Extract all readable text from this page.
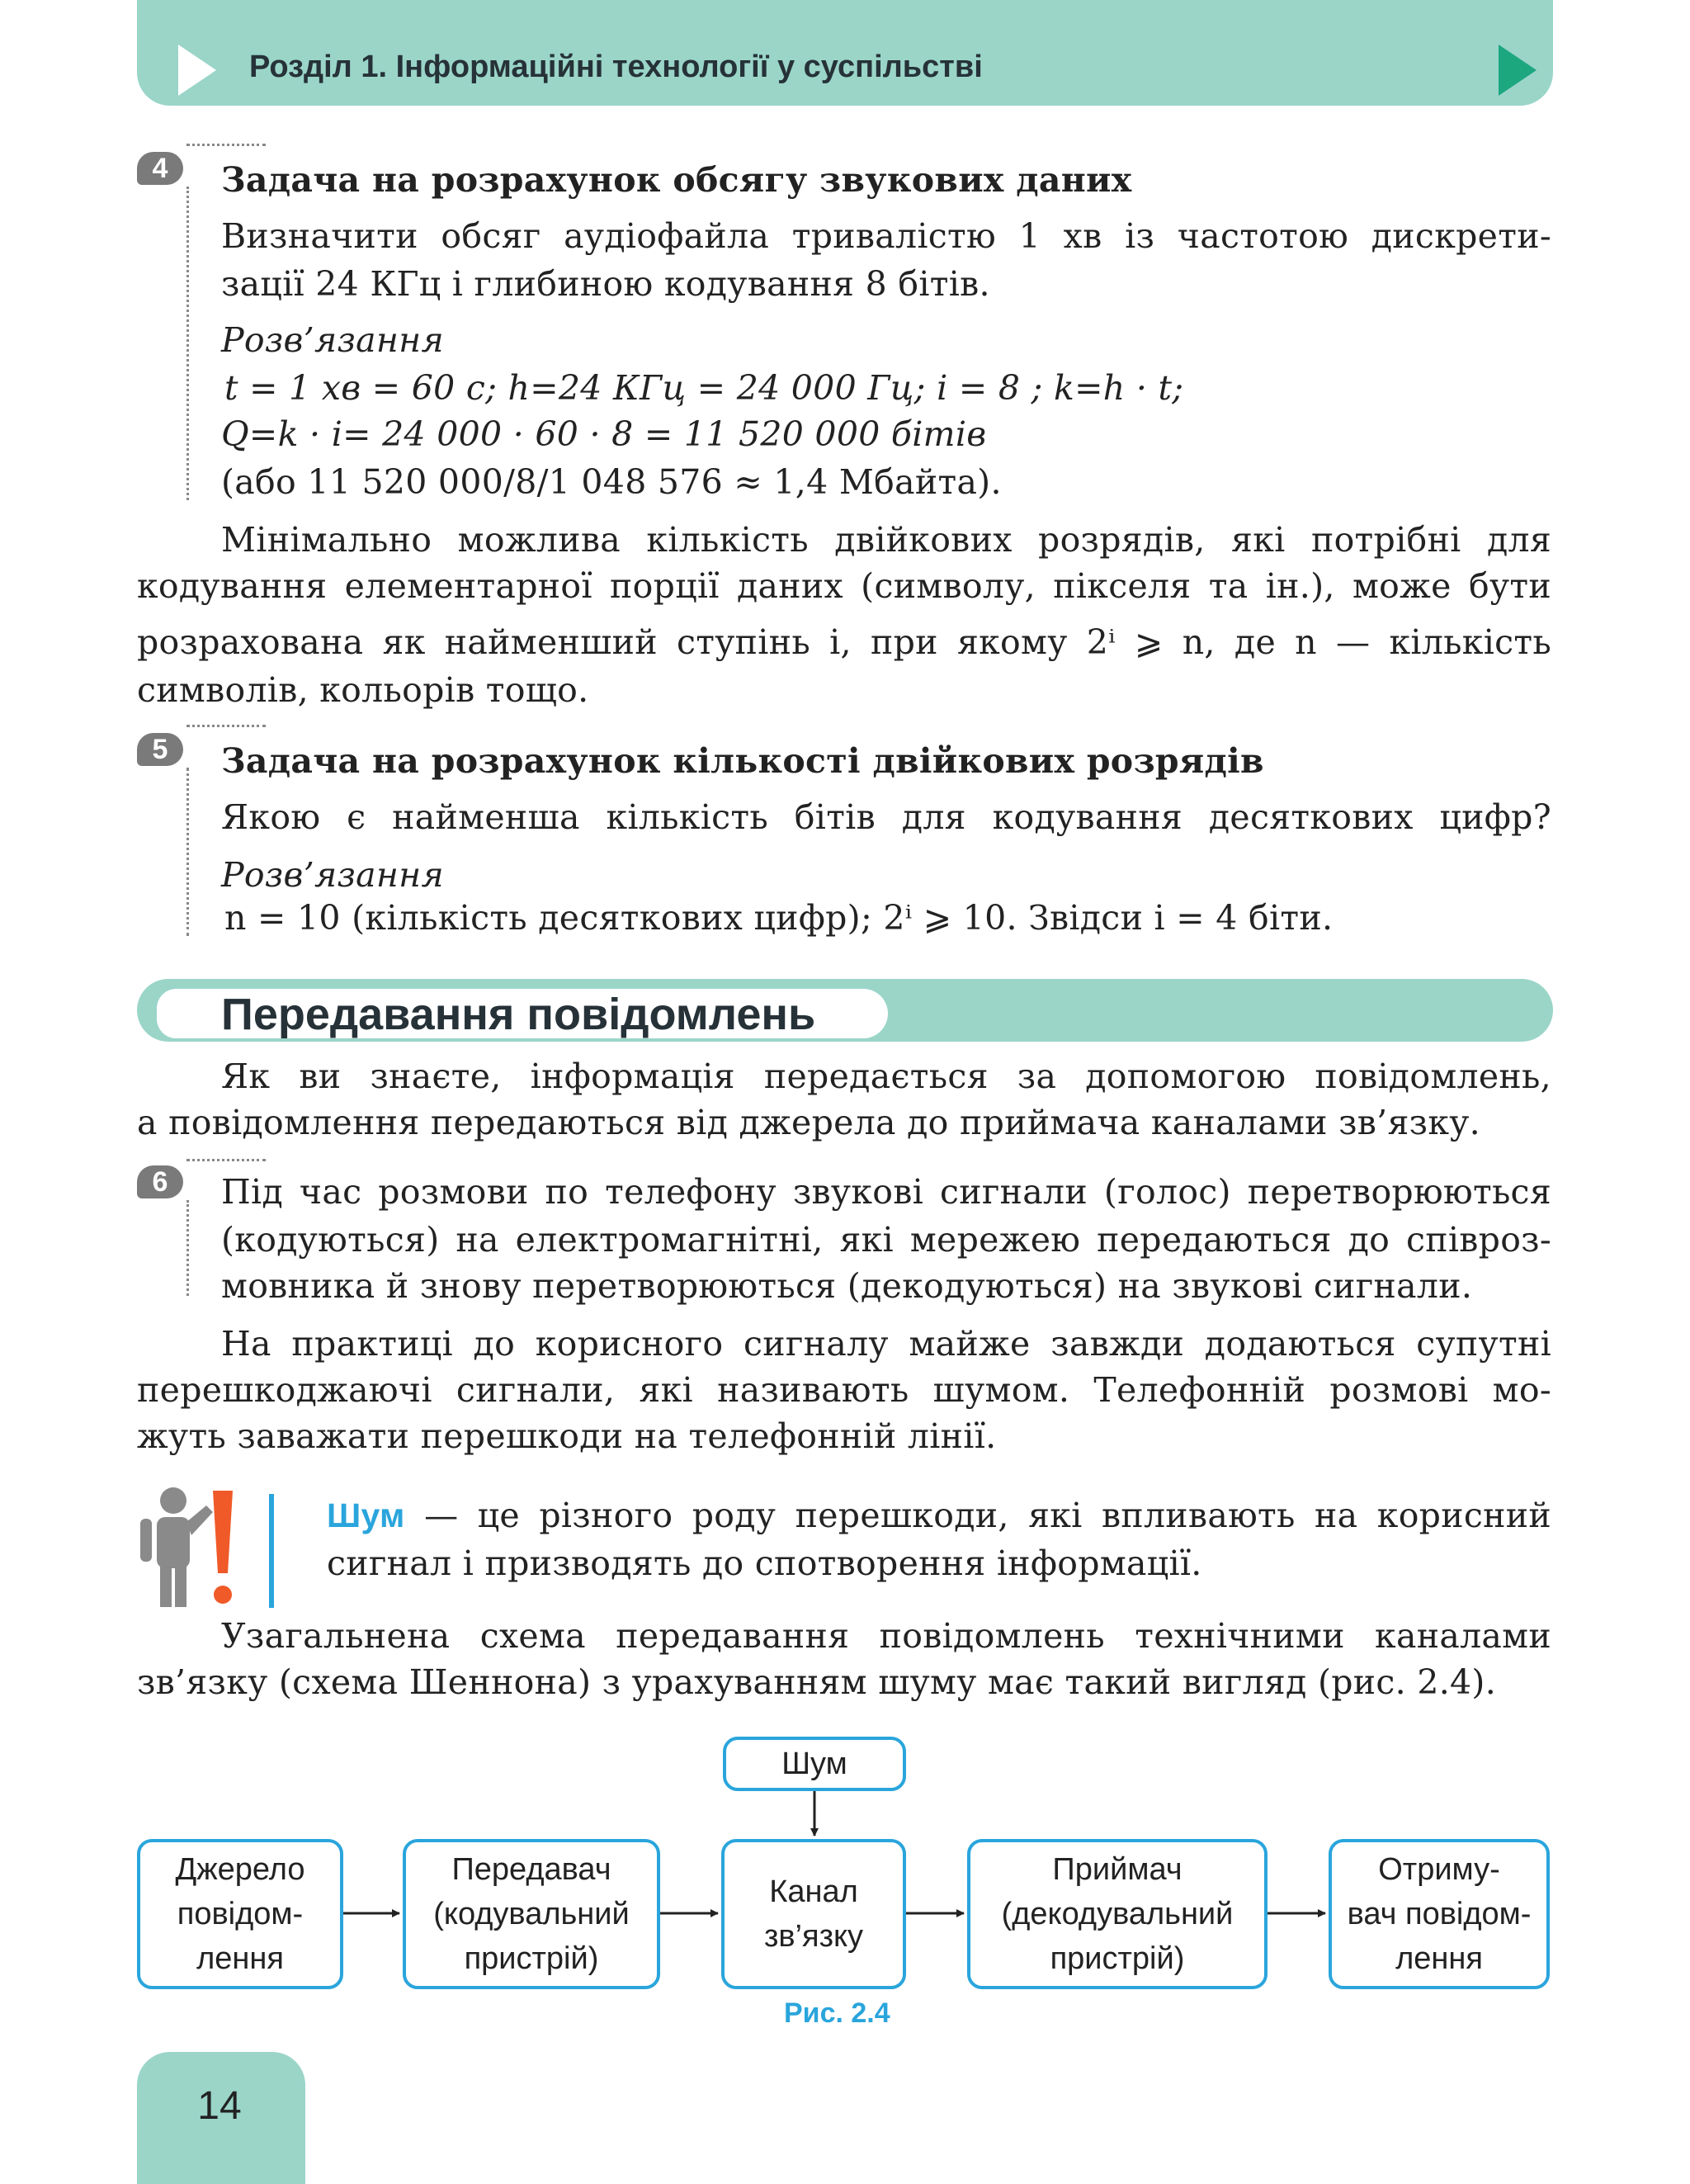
Розділ 1. Інформаційні технології у суспільстві
4	Задача на розрахунок обсягу звукових даних
Визначити обсяг аудіофайла тривалістю 1 хв із частотою дискрети-
зації 24 КГц і глибиною кодування 8 бітів.
Розв’язання
t = 1 хв = 60 с; h=24 КГц = 24 000 Гц; i = 8 ; k=h · t;
Q=k · i= 24 000 · 60 · 8 = 11 520 000 бітів
(або 11 520 000/8/1 048 576 ≈ 1,4 Мбайта).
Мінімально можлива кількість двійкових розрядів, які потрібні для
кодування елементарної порції даних (символу, пікселя та ін.), може бути
розрахована як найменший ступінь i, при якому 2ⁱ ⩾ n, де n — кількість
символів, кольорів тощо.
5	Задача на розрахунок кількості двійкових розрядів
Якою є найменша кількість бітів для кодування десяткових цифр?
Розв’язання
n = 10 (кількість десяткових цифр); 2ⁱ ⩾ 10. Звідси i = 4 біти.
Передавання повідомлень
Як ви знаєте, інформація передається за допомогою повідомлень,
а повідомлення передаються від джерела до приймача каналами зв’язку.
6	Під час розмови по телефону звукові сигнали (голос) перетворюються
(кодуються) на електромагнітні, які мережею передаються до співроз-
мовника й знову перетворюються (декодуються) на звукові сигнали.
На практиці до корисного сигналу майже завжди додаються супутні
перешкоджаючі сигнали, які називають шумом. Телефонній розмові мо-
жуть заважати перешкоди на телефонній лінії.
Шум — це різного роду перешкоди, які впливають на корисний
сигнал і призводять до спотворення інформації.
Узагальнена схема передавання повідомлень технічними каналами
зв’язку (схема Шеннона) з урахуванням шуму має такий вигляд (рис. 2.4).
Шум
Джерело
повідом-
лення
Передавач
(кодувальний
пристрій)
Канал
зв’язку
Приймач
(декодувальний
пристрій)
Отриму-
вач повідом-
лення
Рис. 2.4
14
